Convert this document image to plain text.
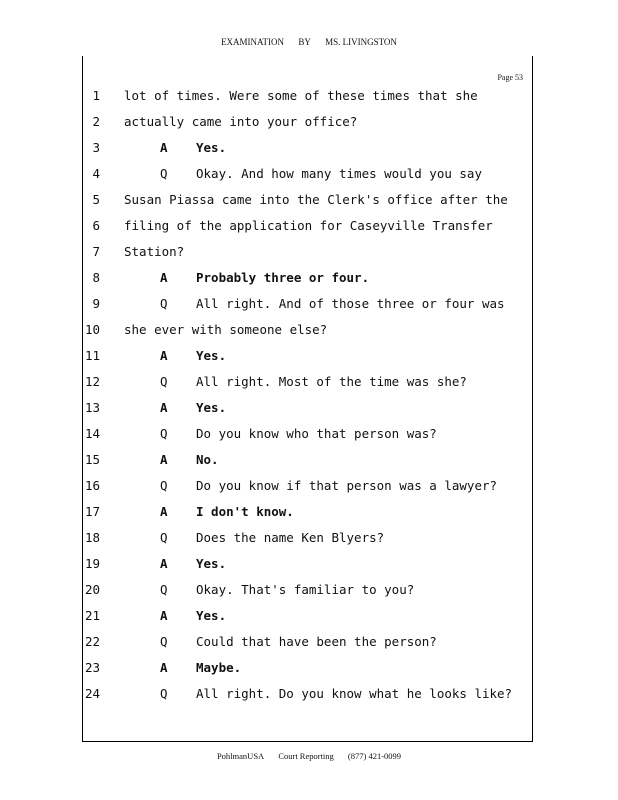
EXAMINATION BY MS. LIVINGSTON
Page 53
1 lot of times. Were some of these times that she
2 actually came into your office?
3	A Yes.
4	Q Okay. And how many times would you say
5 Susan Piassa came into the Clerk's office after the
6 filing of the application for Caseyville Transfer
7 Station?
8	A Probably three or four.
9	Q All right. And of those three or four was
10 she ever with someone else?
11	A Yes.
12	Q All right. Most of the time was she?
13	A Yes.
14	Q Do you know who that person was?
15	A No.
16	Q Do you know if that person was a lawyer?
17	A I don't know.
18	Q Does the name Ken Blyers?
19	A Yes.
20	Q Okay. That's familiar to you?
21	A Yes.
22	Q Could that have been the person?
23	A Maybe.
24	Q All right. Do you know what he looks like?
PohlmanUSA Court Reporting (877) 421-0099
